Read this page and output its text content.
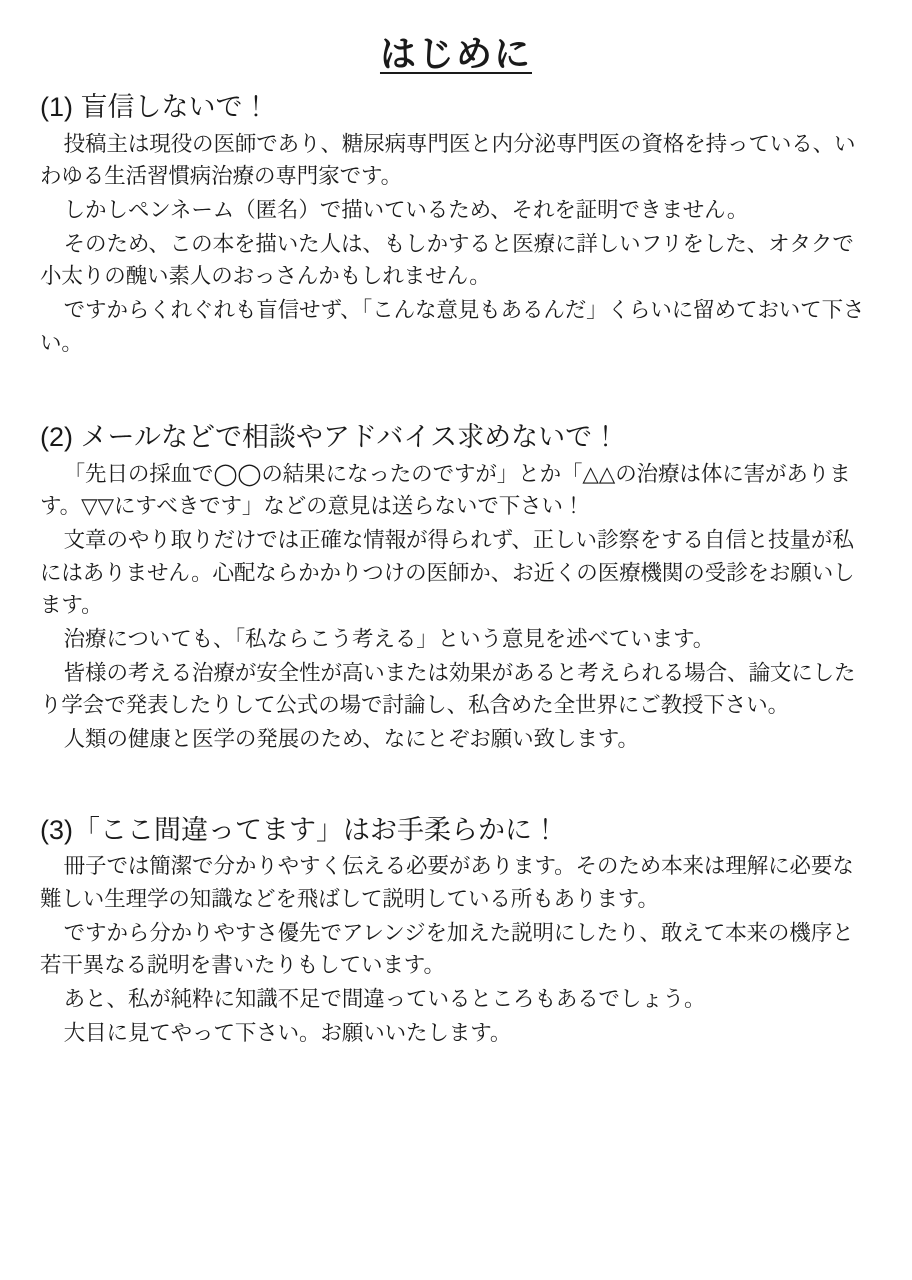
はじめに
(1) 盲信しないで！

投稿主は現役の医師であり、糖尿病専門医と内分泌専門医の資格を持っている、いわゆる生活習慣病治療の専門家です。

しかしペンネーム（匿名）で描いているため、それを証明できません。

そのため、この本を描いた人は、もしかすると医療に詳しいフリをした、オタクで小太りの醜い素人のおっさんかもしれません。

ですからくれぐれも盲信せず、「こんな意見もあるんだ」くらいに留めておいて下さい。

(2) メールなどで相談やアドバイス求めないで！

「先日の採血で◯◯の結果になったのですが」とか「△△の治療は体に害があります。▽▽にすべきです」などの意見は送らないで下さい！

文章のやり取りだけでは正確な情報が得られず、正しい診察をする自信と技量が私にはありません。心配ならかかりつけの医師か、お近くの医療機関の受診をお願いします。

治療についても、「私ならこう考える」という意見を述べています。

皆様の考える治療が安全性が高いまたは効果があると考えられる場合、論文にしたり学会で発表したりして公式の場で討論し、私含めた全世界にご教授下さい。

人類の健康と医学の発展のため、なにとぞお願い致します。

(3)「ここ間違ってます」はお手柔らかに！

冊子では簡潔で分かりやすく伝える必要があります。そのため本来は理解に必要な難しい生理学の知識などを飛ばして説明している所もあります。

ですから分かりやすさ優先でアレンジを加えた説明にしたり、敢えて本来の機序と若干異なる説明を書いたりもしています。

あと、私が純粋に知識不足で間違っているところもあるでしょう。

大目に見てやって下さい。お願いいたします。
